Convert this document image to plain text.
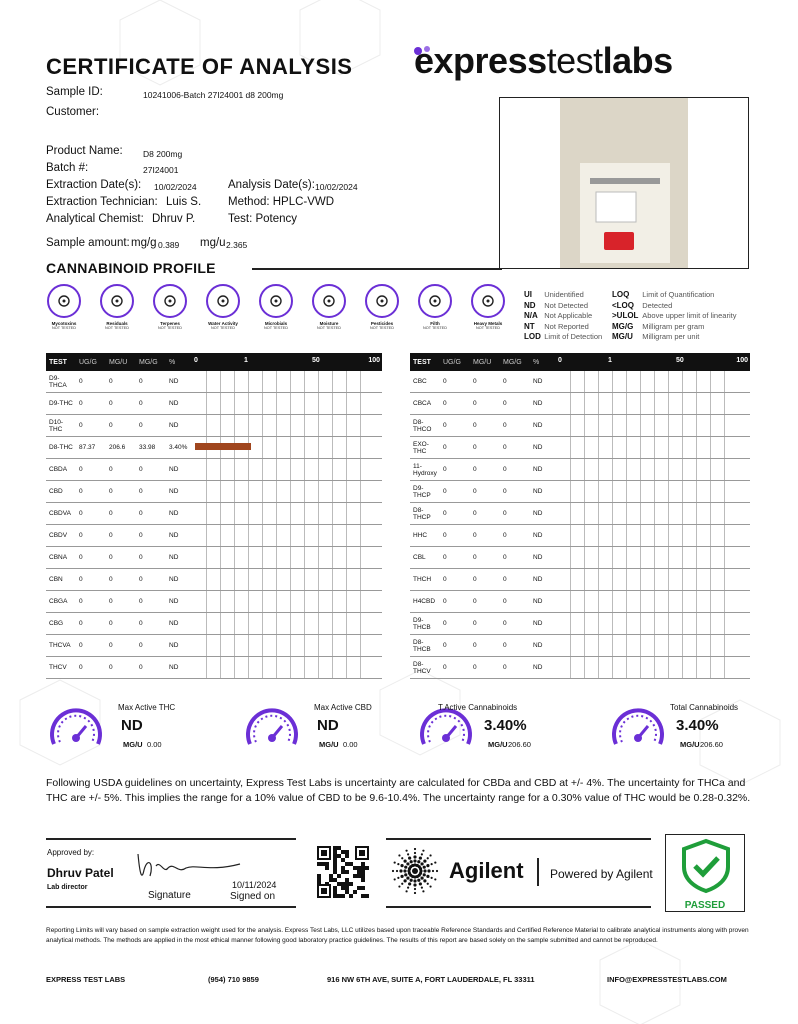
CERTIFICATE OF ANALYSIS expresstestlabs
Sample ID:	10241006-Batch 27I24001 d8 200mg
Customer:
Product Name: D8 200mg
Batch #:	27I24001
Extraction Date(s): 10/02/2024	Analysis Date(s): 10/02/2024
Extraction Technician: Luis S. Method: HPLC-VWD
Analytical Chemist: Dhruv P.	Test: Potency
Sample amount: mg/g 0.389 mg/u 2.365
CANNABINOID PROFILE
Mycotoxins
NOT TESTED
Residuals
NOT TESTED
Terpenes
NOT TESTED
Water Activity
NOT TESTED
Microbials
NOT TESTED
Moisture
NOT TESTED
Pesticides
NOT TESTED
Filth
NOT TESTED
Heavy Metals
NOT TESTED
UI Unidentified
ND Not Detected
N/A Not Applicable
NT Not Reported
LOD Limit of Detection
LOQ Limit of Quantification
<LOQ Detected
>ULOL Above upper limit of linearity
MG/G Milligram per gram
MG/U Milligram per unit
TEST	UG/G	MG/U	MG/G	%	0 1 50 100

D9-THCA	0	0	0	ND	

D9-THC	0	0	0	ND	

D10-THC	0	0	0	ND	

D8-THC	87.37	206.6	33.98	3.40%	

CBDA	0	0	0	ND	

CBD	0	0	0	ND	

CBDVA	0	0	0	ND	

CBDV	0	0	0	ND	

CBNA	0	0	0	ND	

CBN	0	0	0	ND	

CBGA	0	0	0	ND	

CBG	0	0	0	ND	

THCVA	0	0	0	ND	

THCV	0	0	0	ND	
TEST	UG/G	MG/U	MG/G	%	0 1 50 100

CBC	0	0	0	ND	

CBCA	0	0	0	ND	

D8-THCO	0	0	0	ND	

EXO-THC	0	0	0	ND	

11-Hydroxy	0	0	0	ND	

D9-THCP	0	0	0	ND	

D8-THCP	0	0	0	ND	

HHC	0	0	0	ND	

CBL	0	0	0	ND	

THCH	0	0	0	ND	

H4CBD	0	0	0	ND	

D9-THCB	0	0	0	ND	

D8-THCB	0	0	0	ND	

D8-THCV	0	0	0	ND	
Max Active THC
ND
MG/U 0.00
Max Active CBD
ND
MG/U 0.00
T.Active Cannabinoids
3.40%
MG/U 206.60
Total Cannabinoids
3.40%
MG/U 206.60
Following USDA guidelines on uncertainty, Express Test Labs is uncertainty are calculated for CBDa and CBD at +/- 4%. The uncertainty for THCa and THC are +/- 5%. This implies the range for a 10% value of CBD to be 9.6-10.4%. The uncertainty range for a 0.30% value of THC would be 0.28-0.32%.
Approved by:
Dhruv Patel
Lab director
Signature
10/11/2024
Signed on
Agilent Powered by Agilent
PASSED
Reporting Limits will vary based on sample extraction weight used for the analysis. Express Test Labs, LLC utilizes based upon traceable Reference Standards and Certified Reference Material to calibrate analytical instruments along with proven analytical methods. The methods are applied in the most ethical manner following good laboratory practice guidelines. The results of this report are based solely on the sample submitted and cannot be reproduced.
EXPRESS TEST LABS	(954) 710 9859	916 NW 6TH AVE, SUITE A, FORT LAUDERDALE, FL 33311	INFO@EXPRESSTESTLABS.COM
